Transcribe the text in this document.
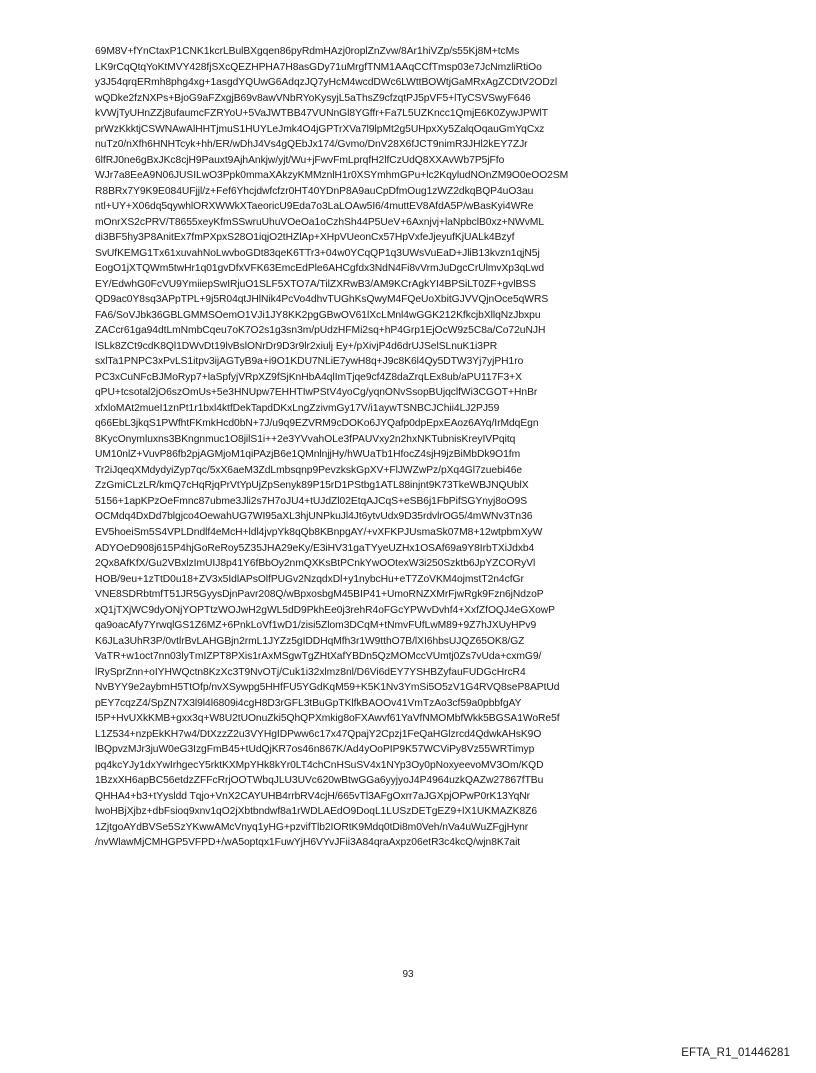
69M8V+fYnCtaxP1CNK1kcrLBulBXgqen86pyRdmHAzj0roplZnZvw/8Ar1hiVZp/s55Kj8M+tcMs
LK9rCqQtqYoKtMVY428fjSXcQEZHPHA7H8asGDy71uMrgfTNM1AAqCCfTmsp03e7JcNmzliRtiOo
y3J54qrqERmh8phg4xg+1asgdYQUwG6AdqzJQ7yHcM4wcdDWc6LWttBOWtjGaMRxAgZCDtV2ODzl
wQDke2fzNXPs+BjoG9aFZxgjB69v8awVNbRYoKysyjL5aThsZ9cfzqtPJ5pVF5+lTyCSVSwyF646
kVWjTyUHnZZj8ufaumcFZRYoU+5VaJWTBB47VUNnGl8YGffr+Fa7L5UZKncc1QmjE6K0ZywJPWlT
prWzKkktjCSWNAwAlHHTjmuS1HUYLeJmk4O4jGPTrXVa7l9lpMt2g5UHpxXy5ZalqOqauGmYqCxz
nuTz0/nXfh6HNHTcyk+hh/ER/wDhJ4Vs4gQEbJx174/Gvmo/DnV28X6fJCT9nimR3JHl2kEY7ZJr
6lfRJ0ne6gBxJKc8cjH9Pauxt9AjhAnkjw/yjt/Wu+jFwvFmLprqfH2lfCzUdQ8XXAvWb7P5jFfo
WJr7a8EeA9N06JUSILwO3Ppk0mmaXAkzyKMMznlH1r0XSYmhmGPu+lc2KqyludNOnZM9O0eOO2SM
R8BRx7Y9K9E084UFjjl/z+Fef6Yhcjdwfcfzr0HT40YDnP8A9auCpDfmOug1zWZ2dkqBQP4uO3au
ntl+UY+X06dq5qywhlORXWWkXTaeoricU9Eda7o3LaLOAw5I6/4muttEV8AfdA5P/wBasKyi4WRe
mOnrXS2cPRV/T8655xeyKfmSSwruUhuVOeOa1oCzhSh44P5UeV+6Axnjvj+laNpbclB0xz+NWvML
di3BF5hy3P8AnitEx7fmPXpxS28O1iqjO2tHZlAp+XHpVUeonCx57HpVxfeJjeyufKjUALk4Bzyf
SvUfKEMG1Tx61xuvahNoLwvboGDt83qeK6TTr3+04w0YCqQP1q3UWsVuEaD+JliB13kvzn1qjN5j
EogO1jXTQWm5twHr1q01gvDfxVFK63EmcEdPle6AHCgfdx3NdN4Fi8vVrmJuDgcCrUlmvXp3qLwd
EY/EdwhG0FcVU9YmiiepSwIRjuO1SLF5XTO7A/TilZXRwB3/AM9KCrAgkYI4BPSiLT0ZF+gvlBSS
QD9ac0Y8sq3APpTPL+9j5R04qtJHlNik4PcVo4dhvTUGhKsQwyM4FQeUoXbitGJVVQjnOce5qWRS
FA6/SoVJbk36GBLGMMSOemO1VJi1JY8KK2pgGBwOV61lXcLMnl4wGGK212KfkcjbXllqNzJbxpu
ZACcr61ga94dtLmNmbCqeu7oK7O2s1g3sn3m/pUdzHFMi2sq+hP4Grp1EjOcW9z5C8a/Co72uNJH
lSLk8ZCt9cdK8Ql1DWvDt19lvBslONrDr9D3r9lr2xiulj Ey+/pXivjP4d6drUJSelSLnuK1i3PR
sxlTa1PNPC3xPvLS1itpv3ijAGTyB9a+i9O1KDU7NLiE7ywH8q+J9c8K6l4Qy5DTW3Yj7yjPH1ro
PC3xCuNFcBJMoRyp7+laSpfyjVRpXZ9fSjKnHbA4qlImTjqe9cf4Z8daZrqLEx8ub/aPU117F3+X
qPU+tcsotal2jO6szOmUs+5e3HNUpw7EHHTIwPStV4yoCg/yqnONvSsopBUjqclfWi3CGOT+HnBr
xfxloMAt2mueI1znPt1r1bxl4ktfDekTapdDKxLngZzivmGy17V/i1aywTSNBCJChii4LJ2PJ59
q66EbL3jkqS1PWfhtFKmkHcd0bN+7J/u9q9EZVRM9cDOKo6JYQafp0dpEpxEAoz6AYq/IrMdqEgn
8KycOnymluxns3BKngnmuc1O8jilS1i++2e3YVvahOLe3fPAUVxy2n2hxNKTubnisKreyIVPqitq
UM10nlZ+VuvP86fb2pjAGMjoM1qiPAzjB6e1QMnlnjjHy/hWUaTb1HfocZ4sjH9jzBiMbDk9O1fm
Tr2iJqeqXMdydyiZyp7qc/5xX6aeM3ZdLmbsqnp9PevzkskGpXV+FlJWZwPz/pXq4Gl7zuebi46e
ZzGmiCLzLR/kmQ7cHqRjqPrVtYpUjZpSenyk89P15rD1PStbg1ATL88injnt9K73TkeWBJNQUblX
5156+1apKPzOeFmnc87ubme3Jli2s7H7oJU4+tUJdZl02EtqAJCqS+eSB6j1FbPifSGYnyj8oO9S
OCMdq4DxDd7blgjco4OewahUG7WI95aXL3hjUNPkuJl4Jt6ytvUdx9D35rdvlrOG5/4mWNv3Tn36
EV5hoeiSm5S4VPLDndlf4eMcH+ldl4jvpYk8qQb8KBnpgAY/+vXFKPJUsmaSk07M8+12wtpbmXyW
ADYOeD908j615P4hjGoReRoy5Z35JHA29eKy/E3iHV31gaTYyeUZHx1OSAf69a9Y8IrbTXiJdxb4
2Qx8AfKfX/Gu2VBxlzImUIJ8p41Y6fBbOy2nmQXKsBtPCnkYwOOtexW3i250Szktb6JpYZCORyVl
HOB/9eu+1zTtD0u18+ZV3x5IdlAPsOlfPUGv2NzqdxDl+y1nybcHu+eT7ZoVKM4ojmstT2n4cfGr
VNE8SDRbtmfT51JR5GyysDjnPavr208Q/wBpxosbgM45BIP41+UmoRNZXMrFjwRgk9Fzn6jNdzoP
xQ1jTXjWC9dyONjYOPTtzWOJwH2gWL5dD9PkhEe0j3rehR4oFGcYPWvDvhf4+XxfZfOQJ4eGXowP
qa9oacAfy7YrwqlGS1Z6MZ+6PnkLoVf1wD1/zisi5Zlom3DCqM+tNmvFUfLwM89+9Z7hJXUyHPv9
K6JLa3UhR3P/0vtlrBvLAHGBjn2rmL1JYZz5gIDDHqMfh3r1W9tthO7B/lXI6hbsUJQZ65OK8/GZ
VaTR+w1oct7nn03lyTmIZPT8PXis1rAxMSgwTgZHtXafYBDn5QzMOMccVUmtj0Zs7vUda+cxmG9/
lRySprZnn+oIYHWQctn8KzXc3T9NvOTj/Cuk1i32xlmz8nl/D6Vi6dEY7YSHBZyfauFUDGcHrcR4
NvBYY9e2aybmH5TtOfp/nvXSywpg5HHfFU5YGdKqM59+K5K1Nv3YmSi5O5zV1G4RVQ8seP8APtUd
pEY7cqzZ4/SpZN7X3l9l4l6809i4cgH8D3rGFL3tBuGpTKlfkBAOOv41VmTzAo3cf59a0pbbfgAY
I5P+HvUXkKMB+gxx3q+W8U2tUOnuZki5QhQPXmkig8oFXAwvf61YaVfNMOMbfWkk5BGSA1WoRe5f
L1Z534+nzpEkKH7w4/DtXzzZ2u3VYHgIDPww6c17x47QpajY2Cpzj1FeQaHGlzrcd4QdwkAHsK9O
lBQpvzMJr3juW0eG3IzgFmB45+tUdQjKR7os46n867K/Ad4yOoPIP9K57WCViPy8Vz55WRTimyp
pq4kcYJy1dxYwIrhgecY5rktKXMpYHk8kYr0LT4chCnHSuSV4x1NYp3Oy0pNoxyeevoMV3Om/KQD
1BzxXH6apBC56etdzZFFcRrjOOTWbqJLU3UVc620wBtwGGa6yyjyoJ4P4964uzkQAZw27867fTBu
QHHA4+b3+tYysldd Tqjo+VnX2CAYUHB4rrbRV4cjH/665vTl3AFgOxrr7aJGXpjOPwP0rK13YqNr
lwoHBjXjbz+dbFsioq9xnv1qO2jXbtbndwf8a1rWDLAEdO9DoqL1LUSzDETgEZ9+lX1UKMAZK8Z6
1ZjtgoAYdBVSe5SzYKwwAMcVnyq1yHG+pzvifTlb2IORtK9Mdq0tDi8m0Veh/nVa4uWuZFgjHynr
/nvWlawMjCMHGP5VFPD+/wA5optqx1FuwYjH6VYvJFii3A84qraAxpz06etR3c4kcQ/wjn8K7ait
93
EFTA_R1_01446281
